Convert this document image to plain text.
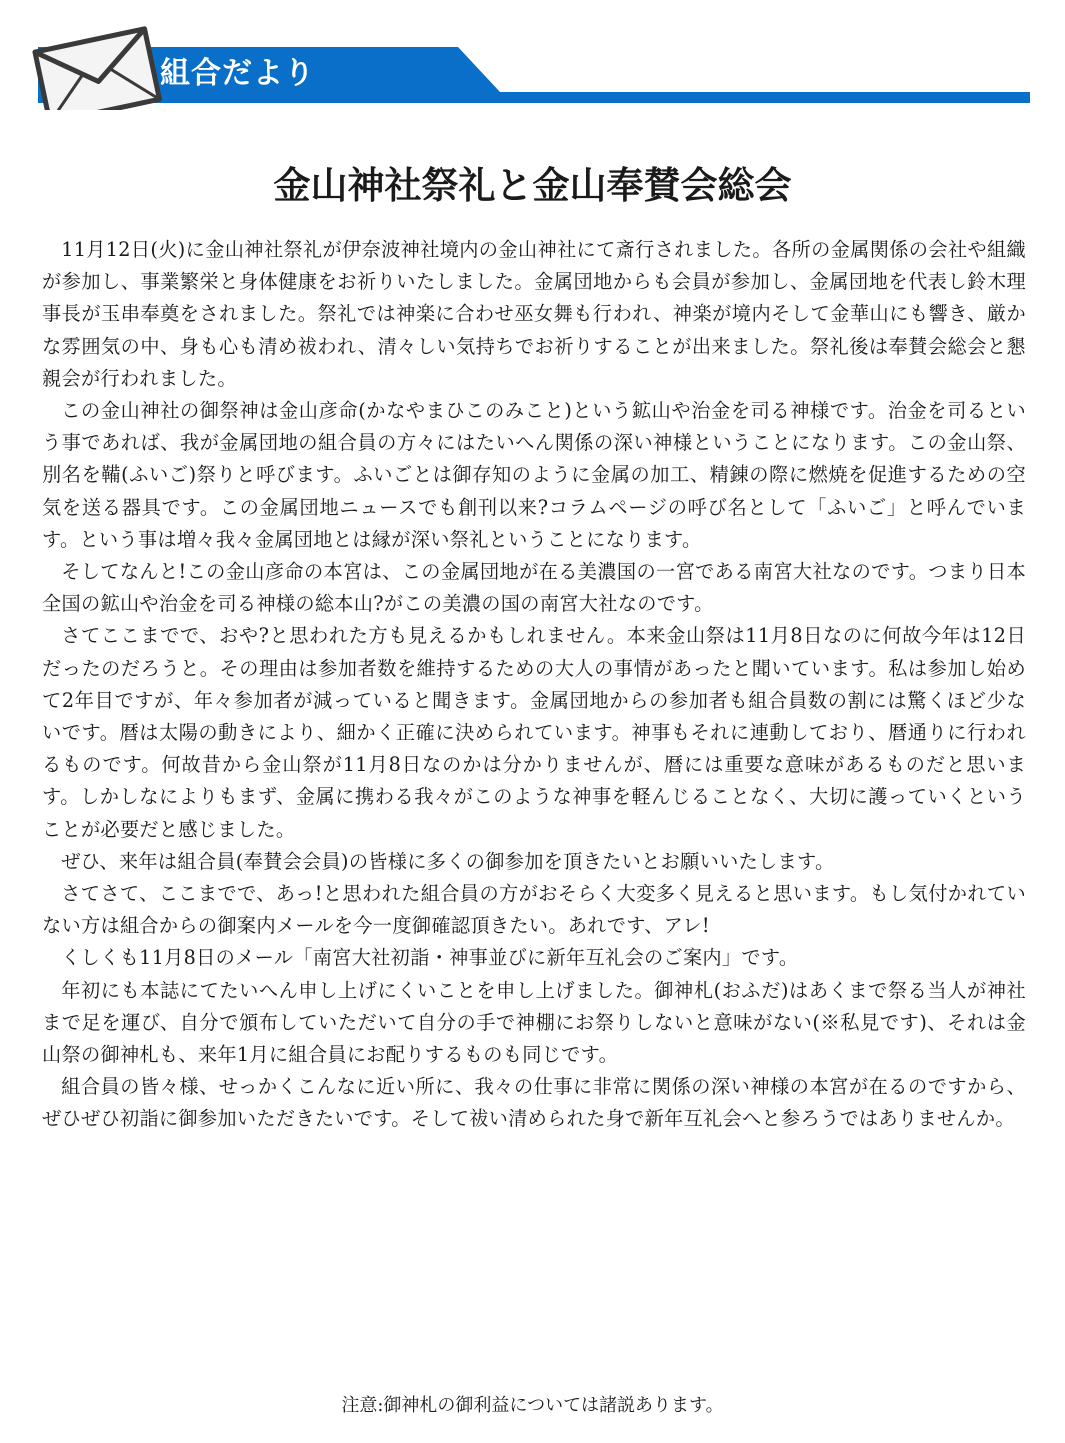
組合だより
金山神社祭礼と金山奉賛会総会

11月12日(火)に金山神社祭礼が伊奈波神社境内の金山神社にて斎行されました。各所の金属関係の会社や組織が参加し、事業繁栄と身体健康をお祈りいたしました。金属団地からも会員が参加し、金属団地を代表し鈴木理事長が玉串奉奠をされました。祭礼では神楽に合わせ巫女舞も行われ、神楽が境内そして金華山にも響き、厳かな雰囲気の中、身も心も清め祓われ、清々しい気持ちでお祈りすることが出来ました。祭礼後は奉賛会総会と懇親会が行われました。

この金山神社の御祭神は金山彦命(かなやまひこのみこと)という鉱山や治金を司る神様です。治金を司るという事であれば、我が金属団地の組合員の方々にはたいへん関係の深い神様ということになります。この金山祭、別名を鞴(ふいご)祭りと呼びます。ふいごとは御存知のように金属の加工、精錬の際に燃焼を促進するための空気を送る器具です。この金属団地ニュースでも創刊以来?コラムページの呼び名として「ふいご」と呼んでいます。という事は増々我々金属団地とは縁が深い祭礼ということになります。

そしてなんと!この金山彦命の本宮は、この金属団地が在る美濃国の一宮である南宮大社なのです。つまり日本全国の鉱山や治金を司る神様の総本山?がこの美濃の国の南宮大社なのです。

さてここまでで、おや?と思われた方も見えるかもしれません。本来金山祭は11月8日なのに何故今年は12日だったのだろうと。その理由は参加者数を維持するための大人の事情があったと聞いています。私は参加し始めて2年目ですが、年々参加者が減っていると聞きます。金属団地からの参加者も組合員数の割には驚くほど少ないです。暦は太陽の動きにより、細かく正確に決められています。神事もそれに連動しており、暦通りに行われるものです。何故昔から金山祭が11月8日なのかは分かりませんが、暦には重要な意味があるものだと思います。しかしなによりもまず、金属に携わる我々がこのような神事を軽んじることなく、大切に護っていくということが必要だと感じました。

ぜひ、来年は組合員(奉賛会会員)の皆様に多くの御参加を頂きたいとお願いいたします。

さてさて、ここまでで、あっ!と思われた組合員の方がおそらく大変多く見えると思います。もし気付かれていない方は組合からの御案内メールを今一度御確認頂きたい。あれです、アレ!

くしくも11月8日のメール「南宮大社初詣・神事並びに新年互礼会のご案内」です。

年初にも本誌にてたいへん申し上げにくいことを申し上げました。御神札(おふだ)はあくまで祭る当人が神社まで足を運び、自分で頒布していただいて自分の手で神棚にお祭りしないと意味がない(※私見です)、それは金山祭の御神札も、来年1月に組合員にお配りするものも同じです。

組合員の皆々様、せっかくこんなに近い所に、我々の仕事に非常に関係の深い神様の本宮が在るのですから、ぜひぜひ初詣に御参加いただきたいです。そして祓い清められた身で新年互礼会へと参ろうではありませんか。

注意:御神札の御利益については諸説あります。
